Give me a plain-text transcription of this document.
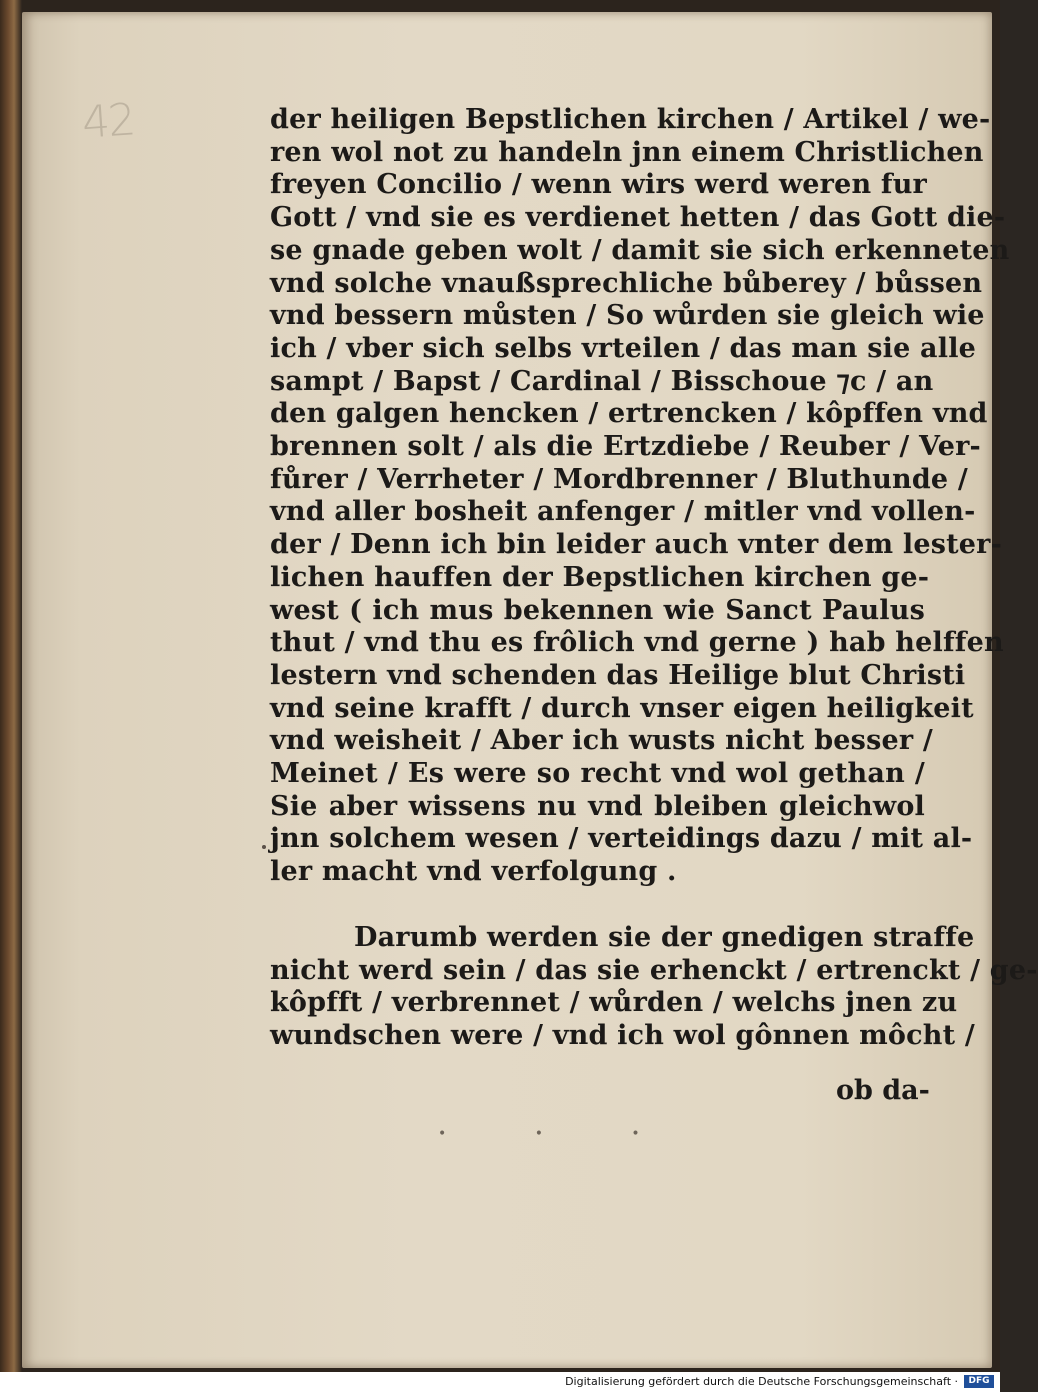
42	der heiligen Bepstlichen kirchen / Artikel / we-
ren wol not zu handeln jnn einem Christlichen
freyen Concilio / wenn wirs werd weren fur
Gott / vnd sie es verdienet hetten / das Gott die-
se gnade geben wolt / damit sie sich erkenneten
vnd solche vnaußsprechliche bůberey / bůssen
vnd bessern můsten / So wůrden sie gleich wie
ich / vber sich selbs vrteilen / das man sie alle
sampt / Bapst / Cardinal / Bisschoue ⁊c / an
den galgen hencken / ertrencken / kôpffen vnd
brennen solt / als die Ertzdiebe / Reuber / Ver-
fůrer / Verrheter / Mordbrenner / Bluthunde /
vnd aller bosheit anfenger / mitler vnd vollen-
der / Denn ich bin leider auch vnter dem lester-
lichen hauffen der Bepstlichen kirchen ge-
west ( ich mus bekennen wie Sanct Paulus
thut / vnd thu es frôlich vnd gerne ) hab helffen
lestern vnd schenden das Heilige blut Christi
vnd seine krafft / durch vnser eigen heiligkeit
vnd weisheit / Aber ich wusts nicht besser /
Meinet / Es were so recht vnd wol gethan /
Sie aber wissens nu vnd bleiben gleichwol
jnn solchem wesen / verteidings dazu / mit al-
ler macht vnd verfolgung .
Darumb werden sie der gnedigen straffe
nicht werd sein / das sie erhenckt / ertrenckt / ge-
kôpfft / verbrennet / wůrden / welchs jnen zu
wundschen were / vnd ich wol gônnen môcht /
ob da-
• • •
Digitalisierung gefördert durch die Deutsche Forschungsgemeinschaft ·	DFG
